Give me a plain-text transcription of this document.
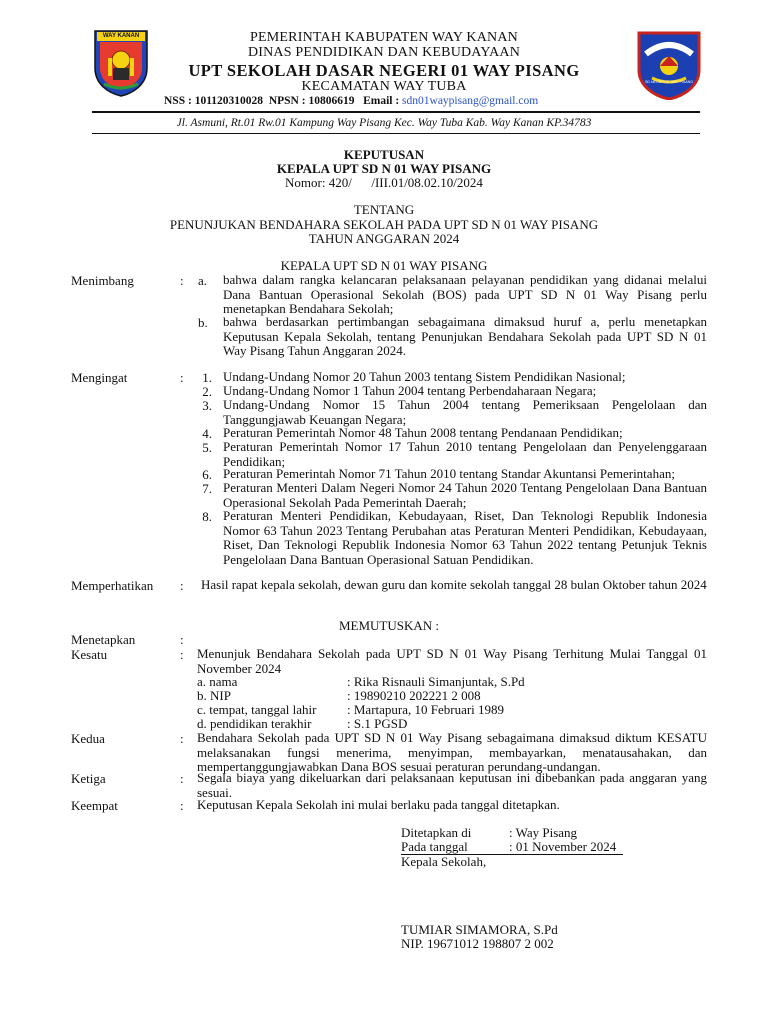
WAY KANAN
SD NEGERI 01 WAY PISANG
PEMERINTAH KABUPATEN WAY KANAN
DINAS PENDIDIKAN DAN KEBUDAYAAN
UPT SEKOLAH DASAR NEGERI 01 WAY PISANG
KECAMATAN WAY TUBA
NSS : 101120310028 NPSN : 10806619 Email : sdn01waypisang@gmail.com
Jl. Asmuni, Rt.01 Rw.01 Kampung Way Pisang Kec. Way Tuba Kab. Way Kanan KP.34783
KEPUTUSAN
KEPALA UPT SD N 01 WAY PISANG
Nomor: 420/      /III.01/08.02.10/2024
TENTANG
PENUNJUKAN BENDAHARA SEKOLAH PADA UPT SD N 01 WAY PISANG
TAHUN ANGGARAN 2024
KEPALA UPT SD N 01 WAY PISANG
Menimbang	: a. bahwa dalam rangka kelancaran pelaksanaan pelayanan pendidikan yang didanai melalui Dana Bantuan Operasional Sekolah (BOS) pada UPT SD N 01 Way Pisang perlu menetapkan Bendahara Sekolah;
b. bahwa berdasarkan pertimbangan sebagaimana dimaksud huruf a, perlu menetapkan Keputusan Kepala Sekolah, tentang Penunjukan Bendahara Sekolah pada UPT SD N 01 Way Pisang Tahun Anggaran 2024.
Mengingat	:	1. Undang-Undang Nomor 20 Tahun 2003 tentang Sistem Pendidikan Nasional;
2. Undang-Undang Nomor 1 Tahun 2004 tentang Perbendaharaan Negara;
3. Undang-Undang Nomor 15 Tahun 2004 tentang Pemeriksaan Pengelolaan dan Tanggungjawab Keuangan Negara;
4. Peraturan Pemerintah Nomor 48 Tahun 2008 tentang Pendanaan Pendidikan;
5. Peraturan Pemerintah Nomor 17 Tahun 2010 tentang Pengelolaan dan Penyelenggaraan Pendidikan;
6. Peraturan Pemerintah Nomor 71 Tahun 2010 tentang Standar Akuntansi Pemerintahan;
7. Peraturan Menteri Dalam Negeri Nomor 24 Tahun 2020 Tentang Pengelolaan Dana Bantuan Operasional Sekolah Pada Pemerintah Daerah;
8. Peraturan Menteri Pendidikan, Kebudayaan, Riset, Dan Teknologi Republik Indonesia Nomor 63 Tahun 2023 Tentang Perubahan atas Peraturan Menteri Pendidikan, Kebudayaan, Riset, Dan Teknologi Republik Indonesia Nomor 63 Tahun 2022 tentang Petunjuk Teknis Pengelolaan Dana Bantuan Operasional Satuan Pendidikan.
Memperhatikan : Hasil rapat kepala sekolah, dewan guru dan komite sekolah tanggal 28 bulan Oktober tahun 2024
MEMUTUSKAN :
Menetapkan	:
Kesatu	: Menunjuk Bendahara Sekolah pada UPT SD N 01 Way Pisang Terhitung Mulai Tanggal 01 November 2024
a. nama	: Rika Risnauli Simanjuntak, S.Pd
b. NIP	: 19890210 202221 2 008
c. tempat, tanggal lahir : Martapura, 10 Februari 1989
d. pendidikan terakhir	: S.1 PGSD
Kedua	: Bendahara Sekolah pada UPT SD N 01 Way Pisang sebagaimana dimaksud diktum KESATU melaksanakan fungsi menerima, menyimpan, membayarkan, menatausahakan, dan mempertanggungjawabkan Dana BOS sesuai peraturan perundang-undangan.
Ketiga	: Segala biaya yang dikeluarkan dari pelaksanaan keputusan ini dibebankan pada anggaran yang sesuai.
Keempat	: Keputusan Kepala Sekolah ini mulai berlaku pada tanggal ditetapkan.
Ditetapkan di	: Way Pisang
Pada tanggal	: 01 November 2024
Kepala Sekolah,
TUMIAR SIMAMORA, S.Pd
NIP. 19671012 198807 2 002
